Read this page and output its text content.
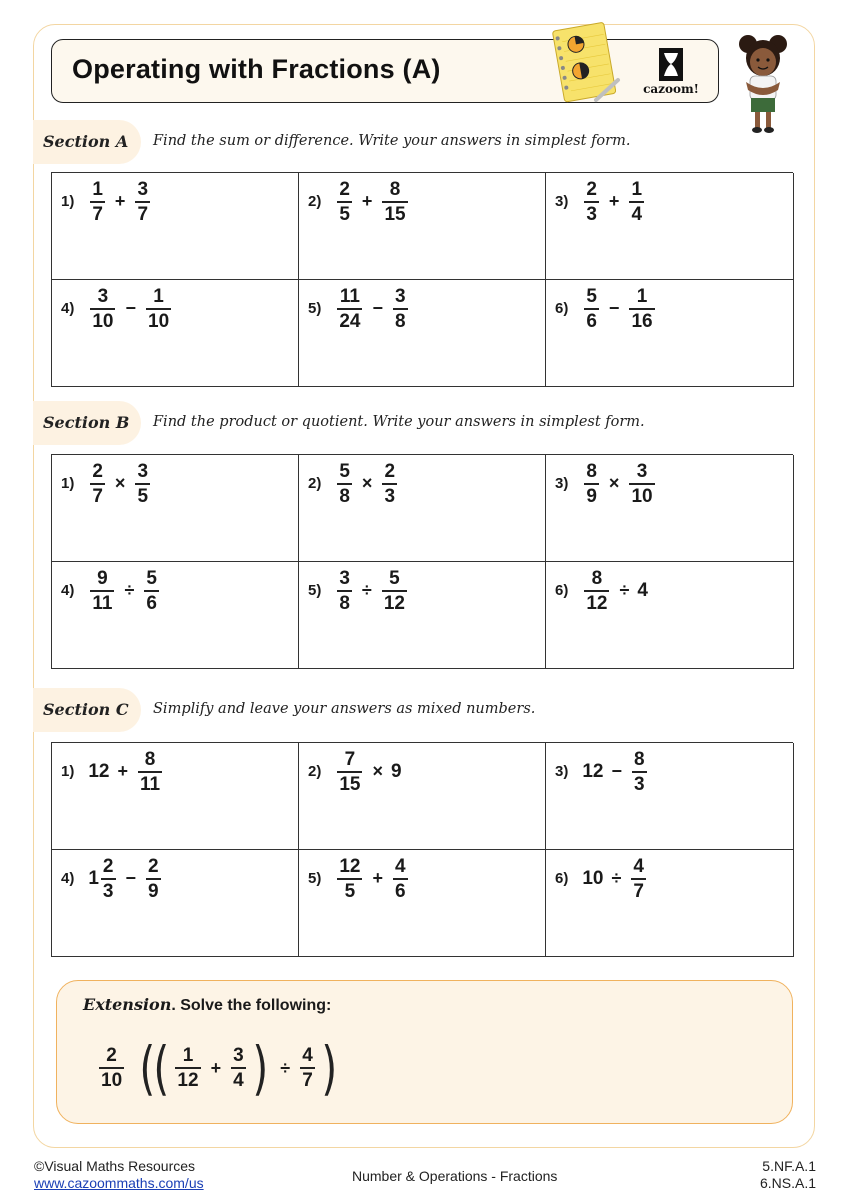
Operating with Fractions (A)
cazoom!
Section A Find the sum or difference. Write your answers in simplest form.
$1) \frac{1}{7} + \frac{3}{7}$	$2) \frac{2}{5} + \frac{8}{15}$	$3) \frac{2}{3} + \frac{1}{4}$
$4) \frac{3}{10} - \frac{1}{10}$	$5) \frac{11}{24} - \frac{3}{8}$	$6) \frac{5}{6} - \frac{1}{16}$
Section B Find the product or quotient. Write your answers in simplest form.
$1) \frac{2}{7} \times \frac{3}{5}$	$2) \frac{5}{8} \times \frac{2}{3}$	$3) \frac{8}{9} \times \frac{3}{10}$
$4) \frac{9}{11} \div \frac{5}{6}$	$5) \frac{3}{8} \div \frac{5}{12}$	$6) \frac{8}{12} \div 4$
Section C Simplify and leave your answers as mixed numbers.
1) $12 + \frac{8}{11}$	$2) \frac{7}{15} \times 9$	3) $12 - \frac{8}{3}$
4) $1 \frac{2}{3} - \frac{2}{9}$	$5) \frac{12}{5} + \frac{4}{6}$	6) $10 \div \frac{4}{7}$
Extension. Solve the following:
$\frac{2}{10}$ (
( $\frac{1}{12} + \frac{3}{4}$ ) ÷ $\frac{4}{7}$ )
©Visual Maths Resources
www.cazoommaths.com/us	Number & Operations - Fractions
5.NF.A.1
6.NS.A.1
